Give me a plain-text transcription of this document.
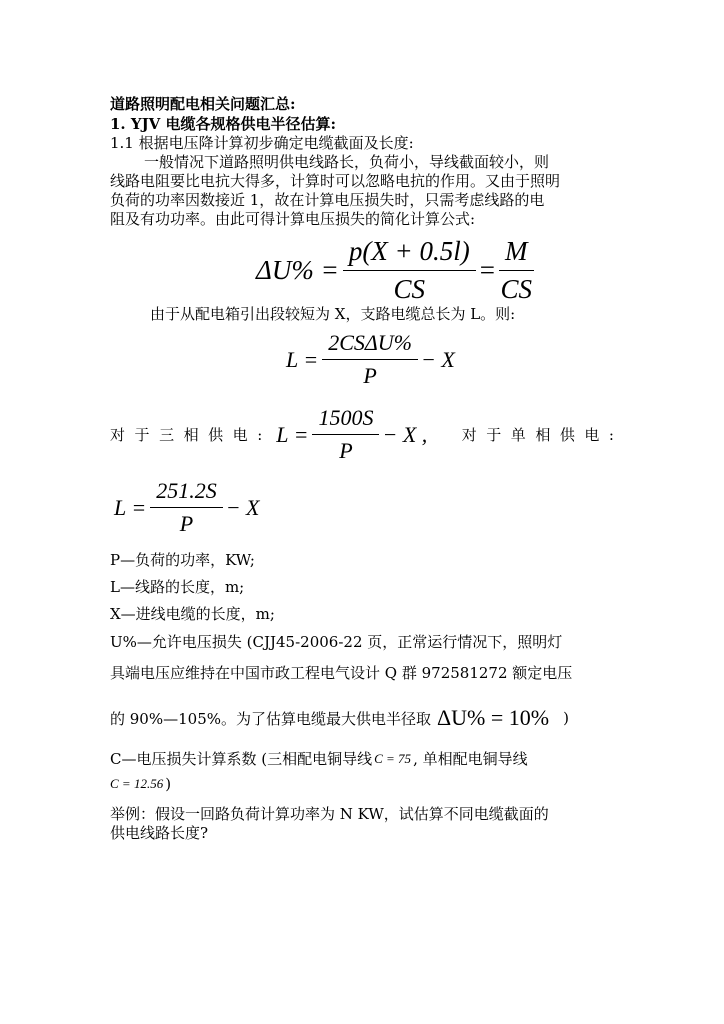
道路照明配电相关问题汇总:
1. YJV 电缆各规格供电半径估算:
1.1 根据电压降计算初步确定电缆截面及长度:
一般情况下道路照明供电线路长，负荷小，导线截面较小，则
线路电阻要比电抗大得多，计算时可以忽略电抗的作用。又由于照明
负荷的功率因数接近 1，故在计算电压损失时，只需考虑线路的电
阻及有功功率。由此可得计算电压损失的简化计算公式:
$\Delta U\% = \frac{p(X + 0.5l)}{CS} = \frac{M}{CS}$
由于从配电箱引出段较短为 X，支路电缆总长为 L。则:
$L = \frac{\text{2CSΔU\%}}{P} - X$
对  于  三  相  供  电  : $L = \frac{1500S}{P} - X$ , 对  于  单  相  供  电  :
$L = \frac{251.2S}{P} - X$
P—负荷的功率，KW;
L—线路的长度，m;
X—进线电缆的长度，m;
U%—允许电压损失 (CJJ45-2006-22 页，正常运行情况下，照明灯
具端电压应维持在中国市政工程电气设计 Q 群 972581272 额定电压
的 90%—105%。为了估算电缆最大供电半径取 ΔU% = 10% )
C—电压损失计算系数 (三相配电铜导线 C = 75 , 单相配电铜导线
C = 12.56 )
举例：假设一回路负荷计算功率为 N KW，试估算不同电缆截面的
供电线路长度?
